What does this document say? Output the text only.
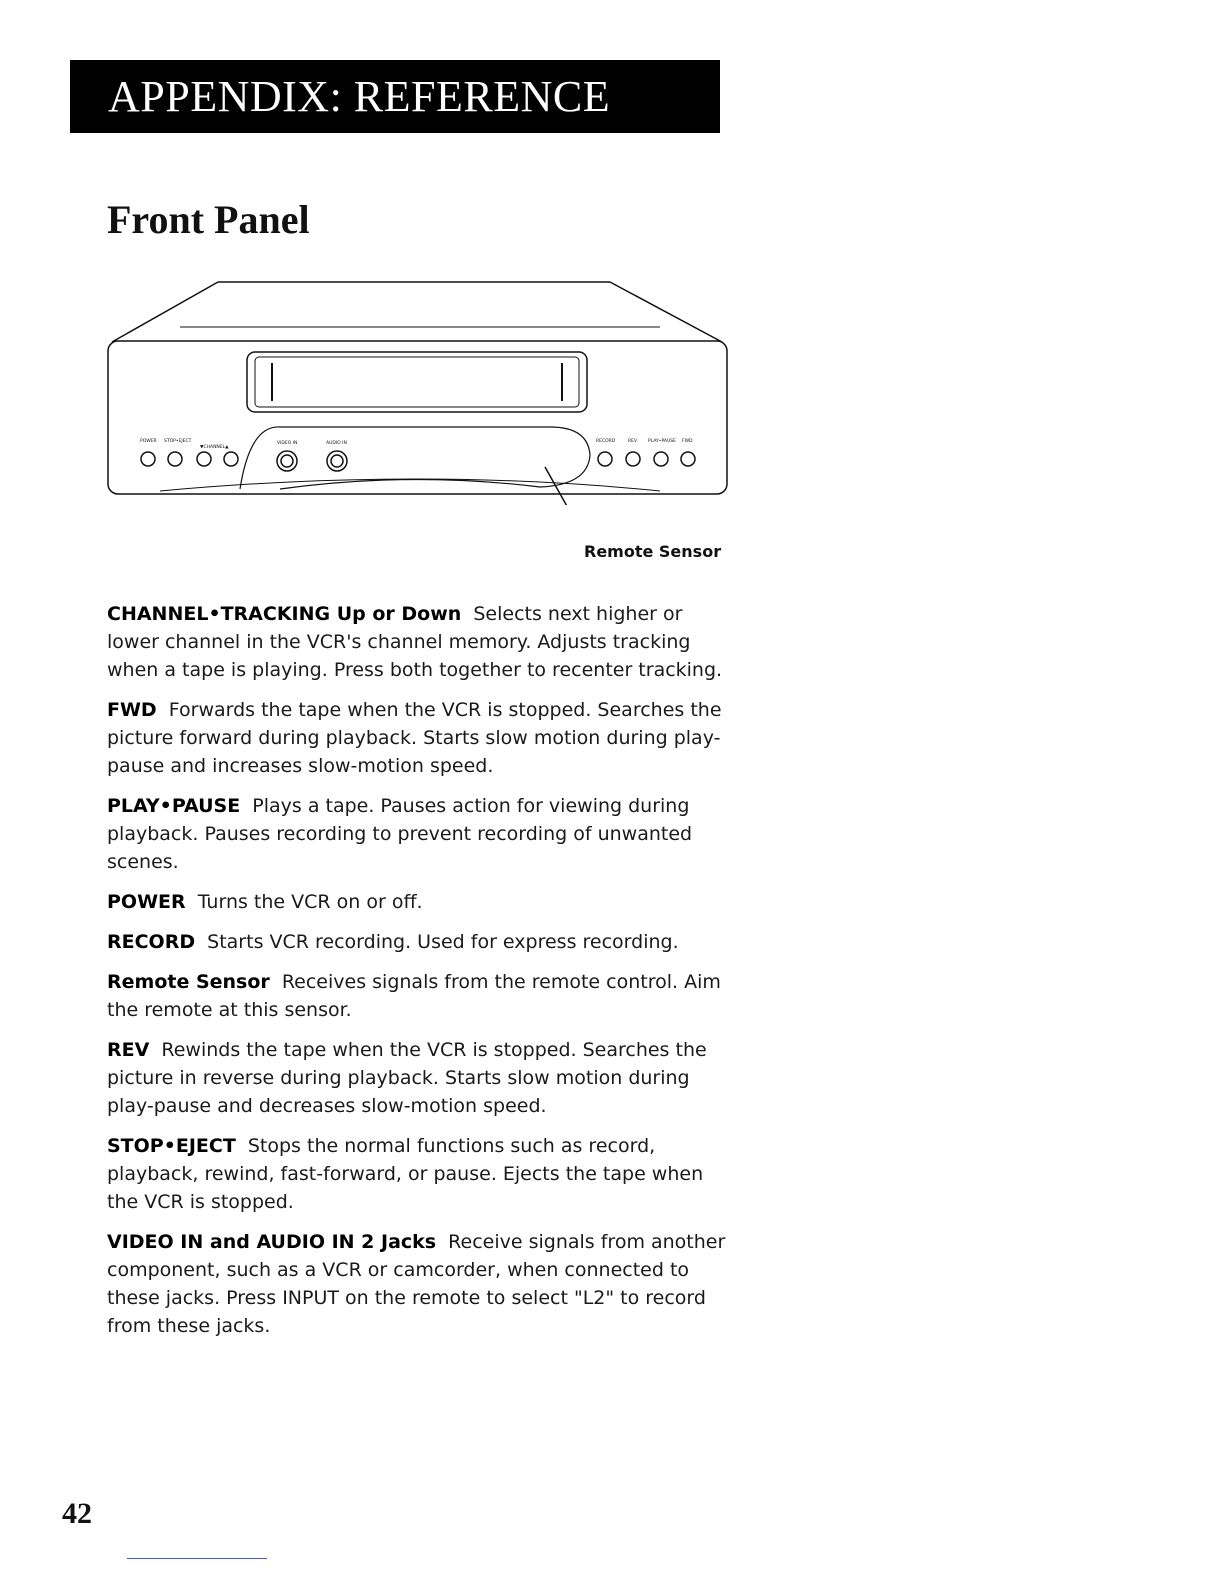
APPENDIX: REFERENCE
Front Panel
POWER STOP•EJECT
▼CHANNEL▲
VIDEO IN	AUDIO IN	RECORD	REV PLAY•PAUSE FWD
Remote Sensor

CHANNEL•TRACKING Up or Down Selects next higher or lower channel in the VCR's channel memory. Adjusts tracking when a tape is playing. Press both together to recenter tracking.

FWD Forwards the tape when the VCR is stopped. Searches the picture forward during playback. Starts slow motion during play-pause and increases slow-motion speed.

PLAY•PAUSE Plays a tape. Pauses action for viewing during playback. Pauses recording to prevent recording of unwanted scenes.

POWER Turns the VCR on or off.

RECORD Starts VCR recording. Used for express recording.

Remote Sensor Receives signals from the remote control. Aim the remote at this sensor.

REV Rewinds the tape when the VCR is stopped. Searches the picture in reverse during playback. Starts slow motion during play-pause and decreases slow-motion speed.

STOP•EJECT Stops the normal functions such as record, playback, rewind, fast-forward, or pause. Ejects the tape when the VCR is stopped.

VIDEO IN and AUDIO IN 2 Jacks Receive signals from another component, such as a VCR or camcorder, when connected to these jacks. Press INPUT on the remote to select "L2" to record from these jacks.

42
